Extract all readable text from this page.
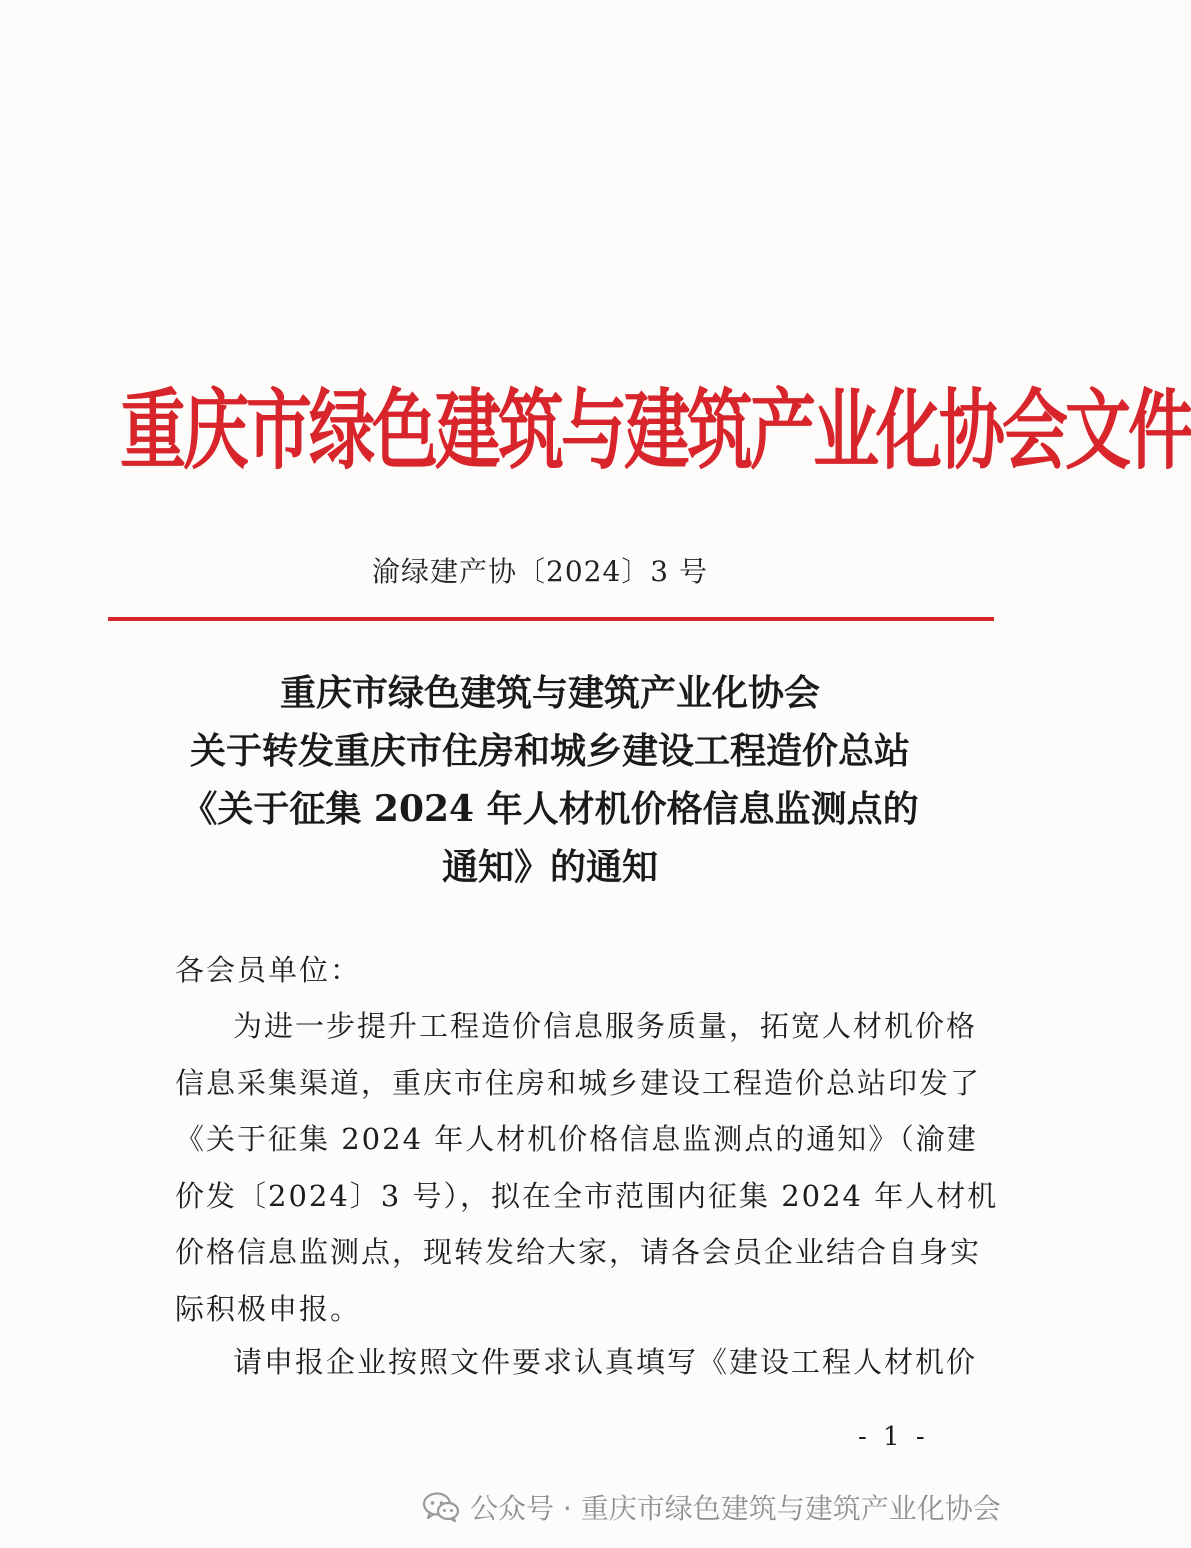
重庆市绿色建筑与建筑产业化协会文件
渝绿建产协〔2024〕3 号
重庆市绿色建筑与建筑产业化协会
关于转发重庆市住房和城乡建设工程造价总站
《关于征集 2024 年人材机价格信息监测点的
通知》的通知
各会员单位：
为进一步提升工程造价信息服务质量，拓宽人材机价格
信息采集渠道，重庆市住房和城乡建设工程造价总站印发了
《关于征集 2024 年人材机价格信息监测点的通知》（渝建
价发〔2024〕3 号），拟在全市范围内征集 2024 年人材机
价格信息监测点，现转发给大家，请各会员企业结合自身实
际积极申报。
请申报企业按照文件要求认真填写《建设工程人材机价
- 1 -
公众号 · 重庆市绿色建筑与建筑产业化协会
